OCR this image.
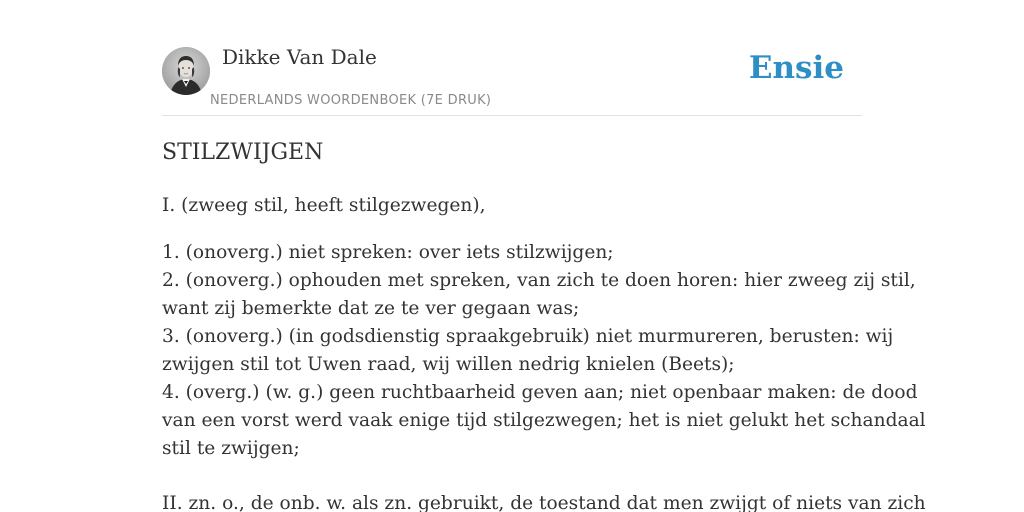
Dikke Van Dale
NEDERLANDS WOORDENBOEK (7E DRUK)
Ensie
STILZWIJGEN
I. (zweeg stil, heeft stilgezwegen),
1. (onoverg.) niet spreken: over iets stilzwijgen;
2. (onoverg.) ophouden met spreken, van zich te doen horen: hier zweeg zij stil,
want zij bemerkte dat ze te ver gegaan was;
3. (onoverg.) (in godsdienstig spraakgebruik) niet murmureren, berusten: wij
zwijgen stil tot Uwen raad, wij willen nedrig knielen (Beets);
4. (overg.) (w. g.) geen ruchtbaarheid geven aan; niet openbaar maken: de dood
van een vorst werd vaak enige tijd stilgezwegen; het is niet gelukt het schandaal
stil te zwijgen;
II. zn. o., de onb. w. als zn. gebruikt, de toestand dat men zwijgt of niets van zich
